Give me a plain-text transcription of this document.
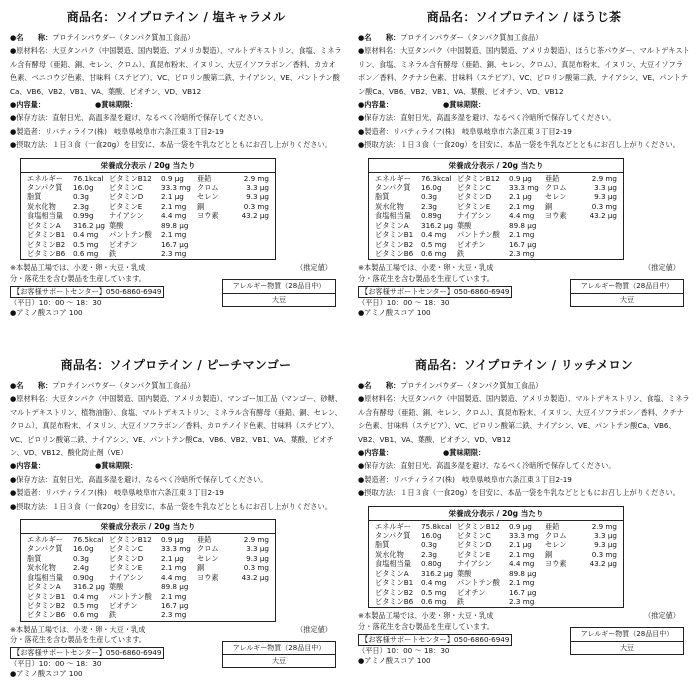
商品名：ソイプロテイン / 塩キャラメル

●名　　称：プロテインパウダー（タンパク質加工食品）

●原材料名：大豆タンパク（中国製造、国内製造、アメリカ製造）、マルトデキストリン、食塩、ミネラル含有酵母（亜鉛、銅、セレン、クロム）、真昆布粉末、イヌリン、大豆イソフラボン／香料、カカオ色素、ベニコウジ色素、甘味料（ステビア）、VC、ピロリン酸第二鉄、ナイアシン、VE、パントテン酸Ca、VB6、VB2、VB1、VA、葉酸、ビオチン、VD、VB12

●内容量：	●賞味期限：

●保存方法：直射日光、高温多湿を避け、なるべく冷暗所で保存してください。

●製造者：リバティライフ(株)　岐阜県岐阜市六条江東３丁目2-19

●摂取方法：１日３食（一食20g）を目安に、本品一袋を牛乳などとともにお召し上がりください。

栄養成分表示 / 20g 当たり
エネルギー	76.1kcal ビタミンB12	0.9 μg	亜鉛	2.9 mg
タンパク質	16.0g	ビタミンC	33.3 mg クロム	3.3 μg
脂質	0.3g	ビタミンD	2.1 μg	セレン	9.3 μg
炭水化物	2.3g	ビタミンE	2.1 mg	銅	0.3 mg
食塩相当量	0.99g	ナイアシン	4.4 mg	ヨウ素	43.2 μg
ビタミンA	316.2 μg 葉酸	89.8 μg
ビタミンB1	0.4 mg	パントテン酸	2.1 mg
ビタミンB2	0.5 mg	ビオチン	16.7 μg
ビタミンB6	0.6 mg	鉄	2.3 mg
※本製品工場では、小麦・卵・大豆・乳成
分・落花生を含む製品を生産しています。
（推定値）
アレルギー物質（28品目中）
大豆
【お客様サポートセンター】050-6860-6949
（平日）10：00 ～ 18：30
●アミノ酸スコア 100
商品名：ソイプロテイン / ほうじ茶

●名　　称：プロテインパウダー（タンパク質加工食品）

●原材料名：大豆タンパク（中国製造、国内製造、アメリカ製造）、ほうじ茶パウダー、マルトデキストリン、食塩、ミネラル含有酵母（亜鉛、銅、セレン、クロム）、真昆布粉末、イヌリン、大豆イソフラボン／香料、クチナシ色素、甘味料（ステビア）、VC、ピロリン酸第二鉄、ナイアシン、VE、パントテン酸Ca、VB6、VB2、VB1、VA、葉酸、ビオチン、VD、VB12

●内容量：	●賞味期限：

●保存方法：直射日光、高温多湿を避け、なるべく冷暗所で保存してください。

●製造者：リバティライフ(株)　岐阜県岐阜市六条江東３丁目2-19

●摂取方法：１日３食（一食20g）を目安に、本品一袋を牛乳などとともにお召し上がりください。

栄養成分表示 / 20g 当たり
エネルギー	76.3kcal ビタミンB12	0.9 μg	亜鉛	2.9 mg
タンパク質	16.0g	ビタミンC	33.3 mg クロム	3.3 μg
脂質	0.3g	ビタミンD	2.1 μg	セレン	9.3 μg
炭水化物	2.3g	ビタミンE	2.1 mg	銅	0.3 mg
食塩相当量	0.89g	ナイアシン	4.4 mg	ヨウ素	43.2 μg
ビタミンA	316.2 μg 葉酸	89.8 μg
ビタミンB1	0.4 mg	パントテン酸	2.1 mg
ビタミンB2	0.5 mg	ビオチン	16.7 μg
ビタミンB6	0.6 mg	鉄	2.3 mg
※本製品工場では、小麦・卵・大豆・乳成
分・落花生を含む製品を生産しています。
（推定値）
アレルギー物質（28品目中）
大豆
【お客様サポートセンター】050-6860-6949
（平日）10：00 ～ 18：30
●アミノ酸スコア 100
商品名：ソイプロテイン / ピーチマンゴー

●名　　称：プロテインパウダー（タンパク質加工食品）

●原材料名：大豆タンパク（中国製造、国内製造、アメリカ製造）、マンゴー加工品（マンゴー、砂糖、マルトデキストリン、植物油脂）、食塩、マルトデキストリン、ミネラル含有酵母（亜鉛、銅、セレン、クロム）、真昆布粉末、イヌリン、大豆イソフラボン／香料、カロテノイド色素、甘味料（ステビア）、VC、ピロリン酸第二鉄、ナイアシン、VE、パントテン酸Ca、VB6、VB2、VB1、VA、葉酸、ビオチン、VD、VB12、酸化防止剤（VE）

●内容量：	●賞味期限：

●保存方法：直射日光、高温多湿を避け、なるべく冷暗所で保存してください。

●製造者：リバティライフ(株)　岐阜県岐阜市六条江東３丁目2-19

●摂取方法：１日３食（一食20g）を目安に、本品一袋を牛乳などとともにお召し上がりください。

栄養成分表示 / 20g 当たり
エネルギー	76.5kcal ビタミンB12	0.9 μg	亜鉛	2.9 mg
タンパク質	16.0g	ビタミンC	33.3 mg クロム	3.3 μg
脂質	0.3g	ビタミンD	2.1 μg	セレン	9.3 μg
炭水化物	2.4g	ビタミンE	2.1 mg	銅	0.3 mg
食塩相当量	0.90g	ナイアシン	4.4 mg	ヨウ素	43.2 μg
ビタミンA	316.2 μg 葉酸	89.8 μg
ビタミンB1	0.4 mg	パントテン酸	2.1 mg
ビタミンB2	0.5 mg	ビオチン	16.7 μg
ビタミンB6	0.6 mg	鉄	2.3 mg
※本製品工場では、小麦・卵・大豆・乳成
分・落花生を含む製品を生産しています。
（推定値）
アレルギー物質（28品目中）
大豆
【お客様サポートセンター】050-6860-6949
（平日）10：00 ～ 18：30
●アミノ酸スコア 100
商品名：ソイプロテイン / リッチメロン

●名　　称：プロテインパウダー（タンパク質加工食品）

●原材料名：大豆タンパク（中国製造、国内製造、アメリカ製造）、マルトデキストリン、食塩、ミネラル含有酵母（亜鉛、銅、セレン、クロム）、真昆布粉末、イヌリン、大豆イソフラボン／香料、クチナシ色素、甘味料（ステビア）、VC、ピロリン酸第二鉄、ナイアシン、VE、パントテン酸Ca、VB6、VB2、VB1、VA、葉酸、ビオチン、VD、VB12

●内容量：	●賞味期限：

●保存方法：直射日光、高温多湿を避け、なるべく冷暗所で保存してください。

●製造者：リバティライフ(株)　岐阜県岐阜市六条江東３丁目2-19

●摂取方法：１日３食（一食20g）を目安に、本品一袋を牛乳などとともにお召し上がりください。

栄養成分表示 / 20g 当たり
エネルギー	75.8kcal ビタミンB12	0.9 μg	亜鉛	2.9 mg
タンパク質	16.0g	ビタミンC	33.3 mg クロム	3.3 μg
脂質	0.3g	ビタミンD	2.1 μg	セレン	9.3 μg
炭水化物	2.3g	ビタミンE	2.1 mg	銅	0.3 mg
食塩相当量	0.80g	ナイアシン	4.4 mg	ヨウ素	43.2 μg
ビタミンA	316.2 μg 葉酸	89.8 μg
ビタミンB1	0.4 mg	パントテン酸	2.1 mg
ビタミンB2	0.5 mg	ビオチン	16.7 μg
ビタミンB6	0.6 mg	鉄	2.3 mg
※本製品工場では、小麦・卵・大豆・乳成
分・落花生を含む製品を生産しています。
（推定値）
アレルギー物質（28品目中）
大豆
【お客様サポートセンター】050-6860-6949
（平日）10：00 ～ 18：30
●アミノ酸スコア 100
